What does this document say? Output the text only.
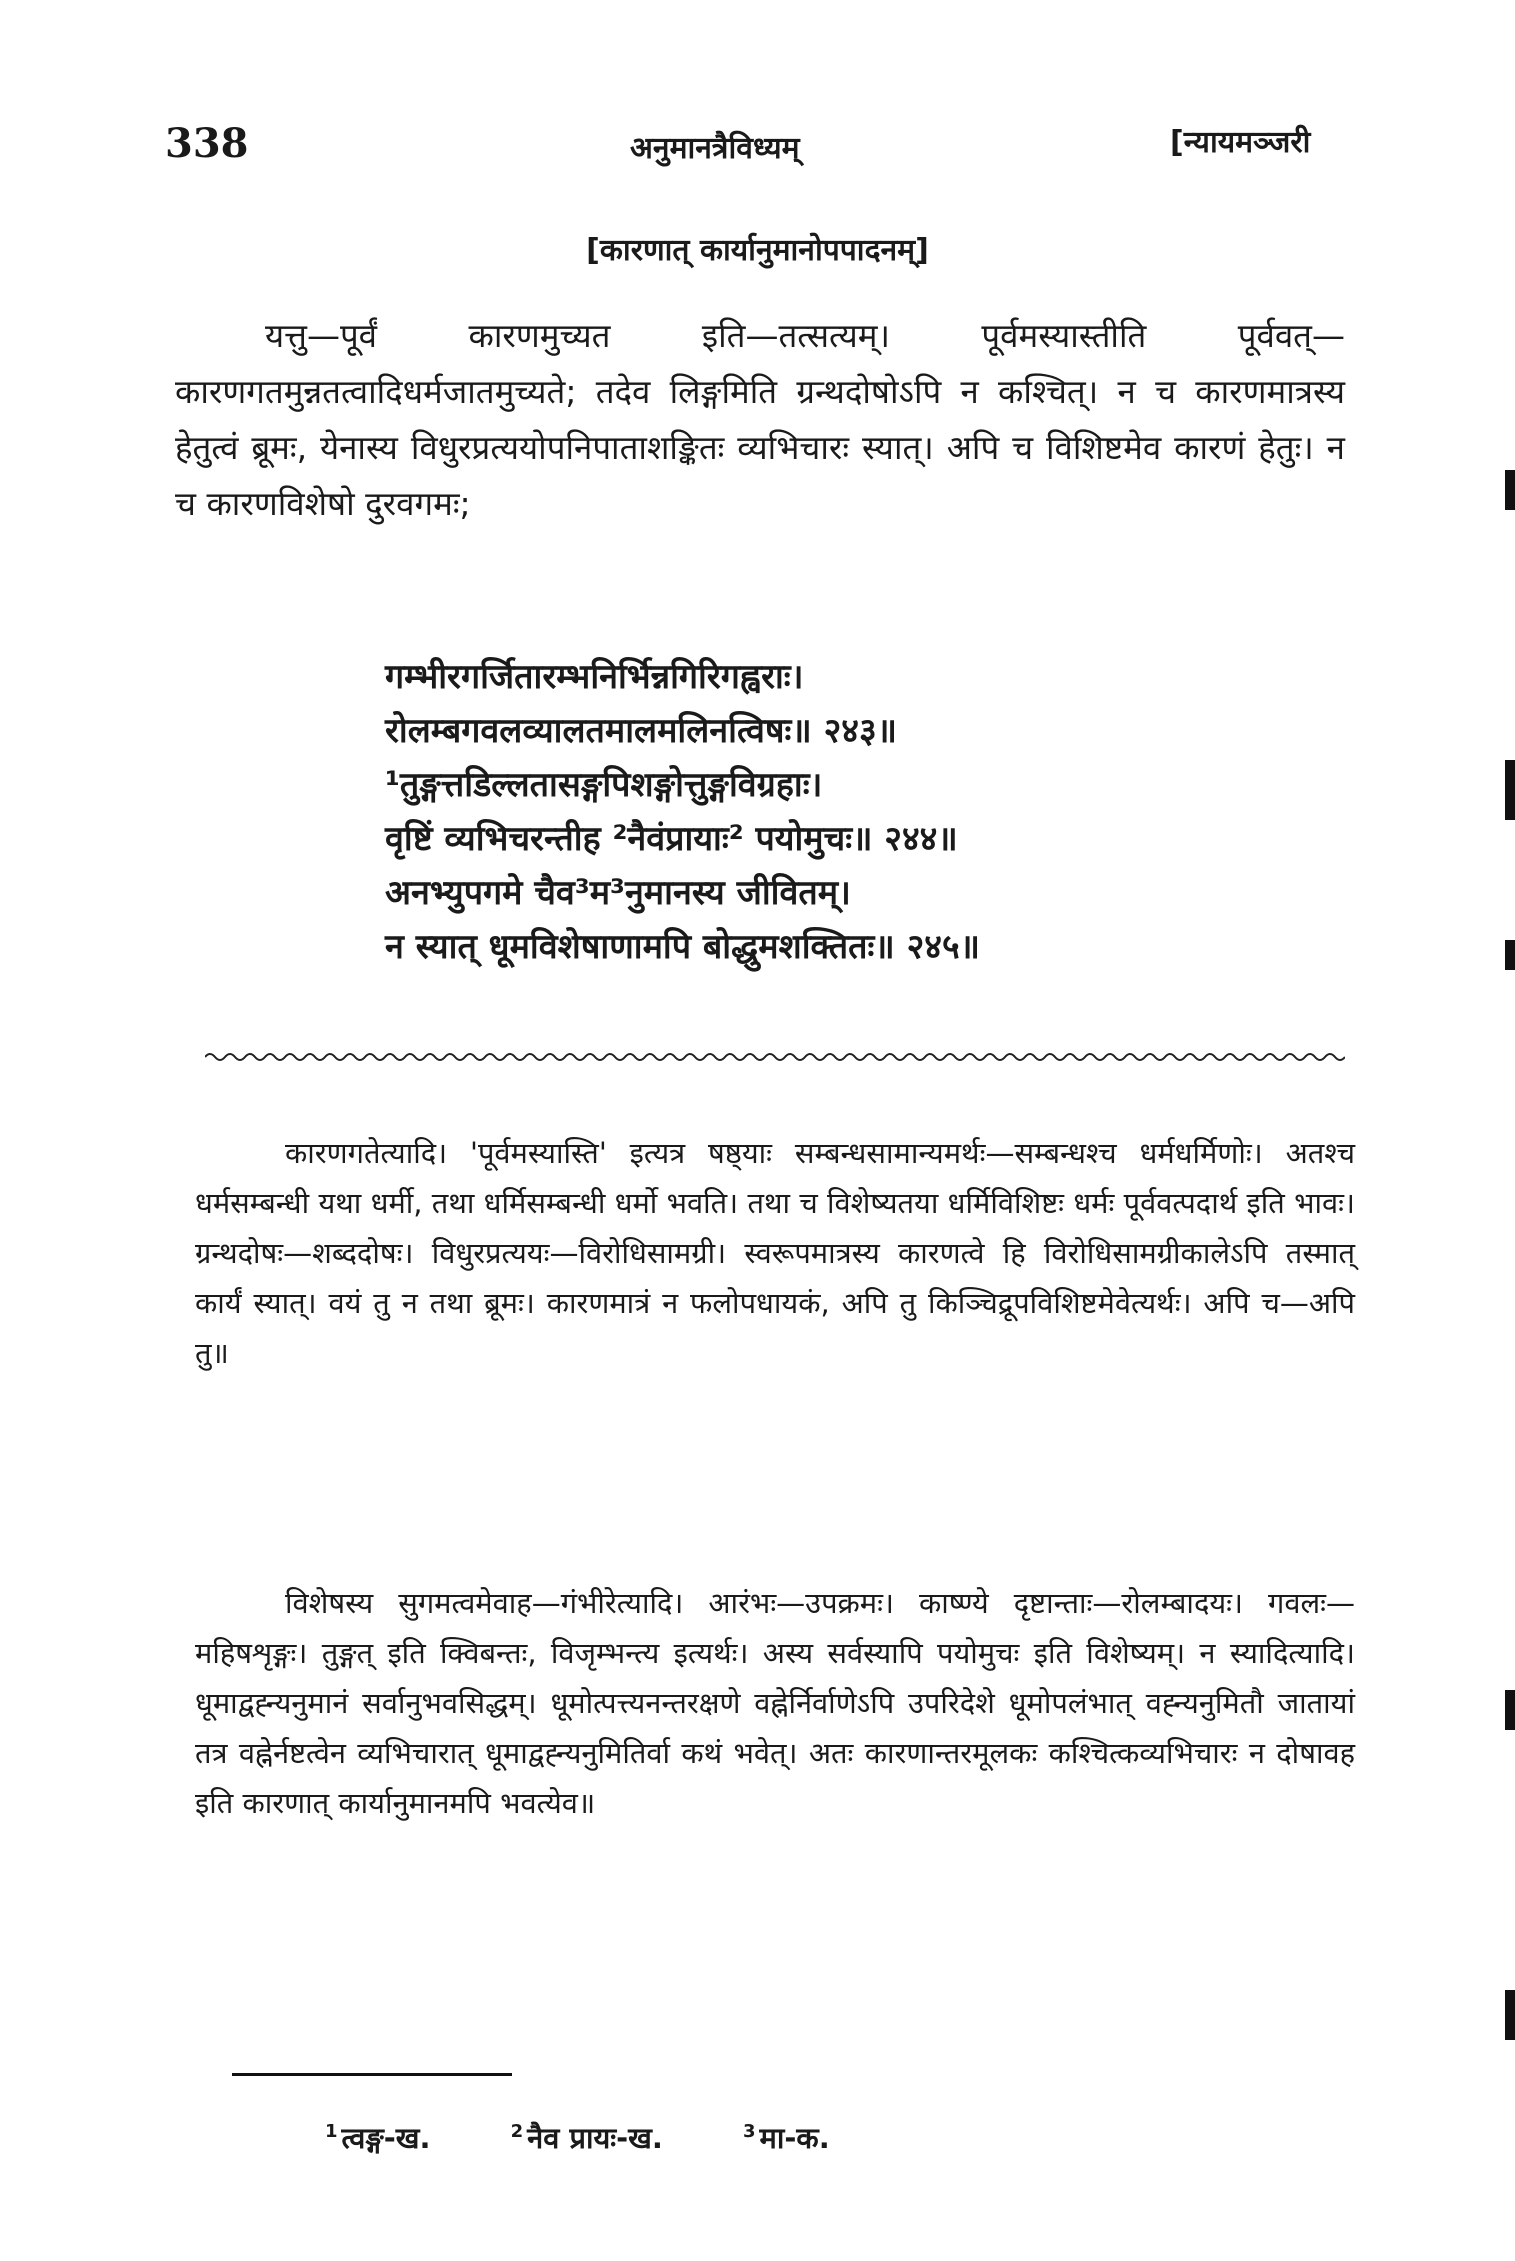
338	अनुमानत्रैविध्यम्	[न्यायमञ्जरी
[कारणात् कार्यानुमानोपपादनम्]
यत्तु—पूर्वं कारणमुच्यत इति—तत्सत्यम्। पूर्वमस्यास्तीति पूर्ववत्—कारणगतमुन्नतत्वादिधर्मजातमुच्यते; तदेव लिङ्गमिति ग्रन्थदोषोऽपि न कश्चित्। न च कारणमात्रस्य हेतुत्वं ब्रूमः, येनास्य विधुरप्रत्ययोपनिपाताशङ्कितः व्यभिचारः स्यात्। अपि च विशिष्टमेव कारणं हेतुः। न च कारणविशेषो दुरवगमः;
गम्भीरगर्जितारम्भनिर्भिन्नगिरिगह्वराः।
रोलम्बगवलव्यालतमालमलिनत्विषः॥ २४३॥
¹तुङ्गत्तडिल्लतासङ्गपिशङ्गोत्तुङ्गविग्रहाः।
वृष्टिं व्यभिचरन्तीह ²नैवंप्रायाः² पयोमुचः॥ २४४॥
अनभ्युपगमे चैव³म³नुमानस्य जीवितम्।
न स्यात् धूमविशेषाणामपि बोद्धुमशक्तितः॥ २४५॥
कारणगतेत्यादि। 'पूर्वमस्यास्ति' इत्यत्र षष्ठ्याः सम्बन्धसामान्यमर्थः—सम्बन्धश्च धर्मधर्मिणोः। अतश्च धर्मसम्बन्धी यथा धर्मी, तथा धर्मिसम्बन्धी धर्मो भवति। तथा च विशेष्यतया धर्मिविशिष्टः धर्मः पूर्ववत्पदार्थ इति भावः। ग्रन्थदोषः—शब्ददोषः। विधुरप्रत्ययः—विरोधिसामग्री। स्वरूपमात्रस्य कारणत्वे हि विरोधिसामग्रीकालेऽपि तस्मात् कार्यं स्यात्। वयं तु न तथा ब्रूमः। कारणमात्रं न फलोपधायकं, अपि तु किञ्चिद्रूपविशिष्टमेवेत्यर्थः। अपि च—अपि तु॥
विशेषस्य सुगमत्वमेवाह—गंभीरेत्यादि। आरंभः—उपक्रमः। काष्ण्ये दृष्टान्ताः—रोलम्बादयः। गवलः—महिषशृङ्गः। तुङ्गत् इति क्विबन्तः, विजृम्भन्त्य इत्यर्थः। अस्य सर्वस्यापि पयोमुचः इति विशेष्यम्। न स्यादित्यादि। धूमाद्वह्न्यनुमानं सर्वानुभवसिद्धम्। धूमोत्पत्त्यनन्तरक्षणे वह्नेर्निर्वाणेऽपि उपरिदेशे धूमोपलंभात् वह्न्यनुमितौ जातायां तत्र वह्नेर्नष्टत्वेन व्यभिचारात् धूमाद्वह्न्यनुमितिर्वा कथं भवेत्। अतः कारणान्तरमूलकः कश्चित्कव्यभिचारः न दोषावह इति कारणात् कार्यानुमानमपि भवत्येव॥
$^1$ त्वङ्ग-ख.	$^2$ नैव प्रायः-ख.	$^3$ मा-क.
